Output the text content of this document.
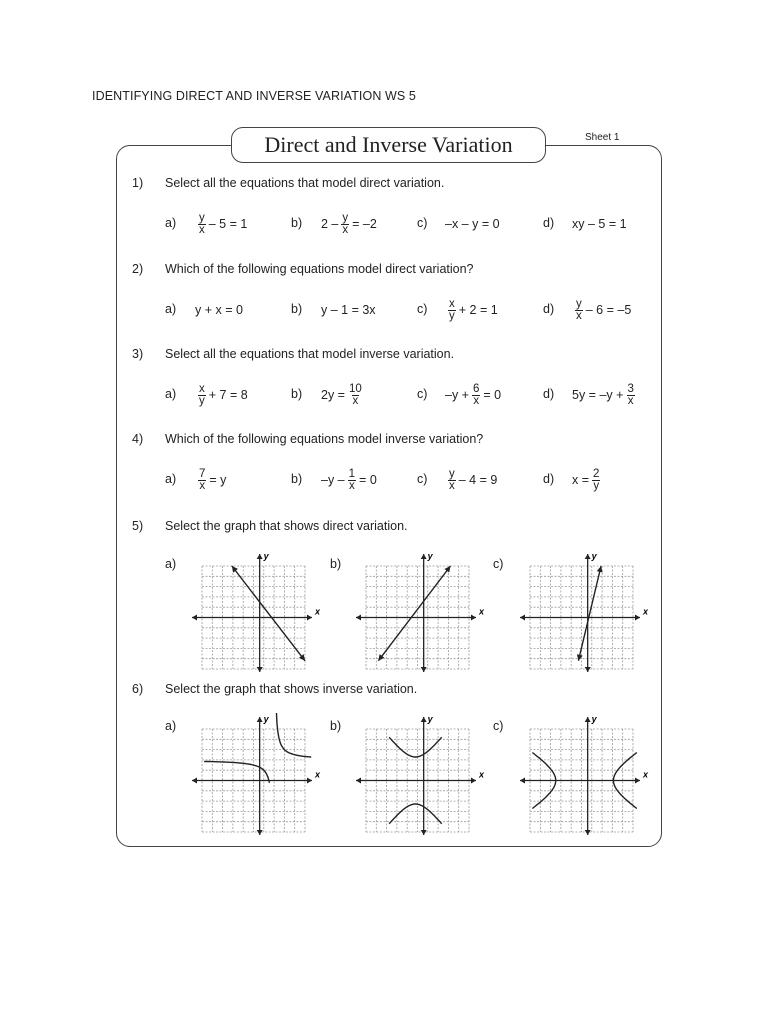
IDENTIFYING DIRECT AND INVERSE VARIATION WS 5
Direct and Inverse Variation	Sheet 1
1) Select all the equations that model direct variation.
$a) \frac{y}{x} - 5 = 1$	b) $2 - \frac{y}{x} = -2$	c) –x – y = 0	d) xy – 5 = 1
2) Which of the following equations model direct variation?
a) y + x = 0	b) y – 1 = 3x	$c) \frac{x}{y} + 2 = 1$	$d) \frac{y}{x} - 6 = -5$
3) Select all the equations that model inverse variation.
$a) \frac{x}{y} + 7 = 8$	b) $2y = \frac{10}{x}$	c) $-y + \frac{6}{x} = 0$	d) $5y = -y + \frac{3}{x}$
4) Which of the following equations model inverse variation?
$a) \frac{7}{x} = y$	b) $-y - \frac{1}{x} = 0$	$c) \frac{y}{x} - 4 = 9$	d) $x = \frac{2}{y}$
5) Select the graph that shows direct variation.
a)	b)	c)
6) Select the graph that shows inverse variation.
a)	b)	c)
x
y
x
y
x
y
x
y
x
y
x
y
